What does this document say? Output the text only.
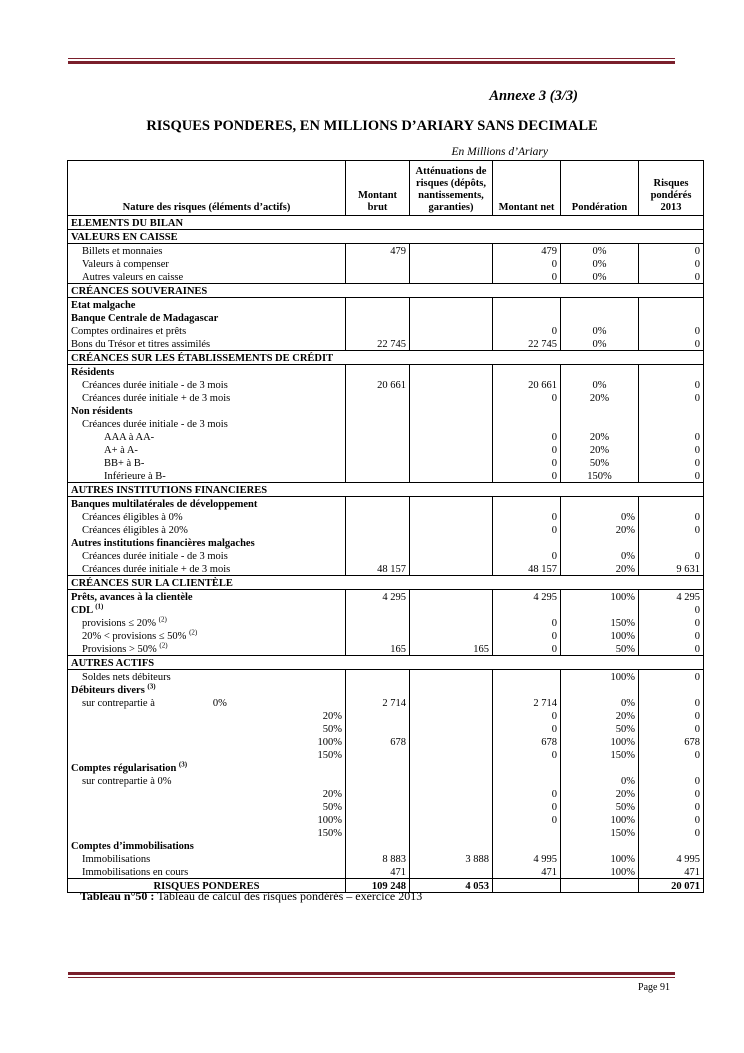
Annexe 3 (3/3)
RISQUES PONDERES, EN MILLIONS D’ARIARY SANS DECIMALE
En Millions d’Ariary
Nature des risques (éléments d’actifs)	Montant brut	Atténuations de risques (dépôts, nantissements, garanties)	Montant net	Pondération	Risques pondérés 2013
ELEMENTS DU BILAN					
VALEURS EN CAISSE					
Billets et monnaies	479		479	0%	0
Valeurs à compenser			0	0%	0
Autres valeurs en caisse			0	0%	0
CRÉANCES SOUVERAINES					
Etat malgache					
Banque Centrale de Madagascar					
Comptes ordinaires et prêts			0	0%	0
Bons du Trésor et titres assimilés	22 745		22 745	0%	0
CRÉANCES SUR LES ÉTABLISSEMENTS DE CRÉDIT					
Résidents					
Créances durée initiale - de 3 mois	20 661		20 661	0%	0
Créances durée initiale + de 3 mois			0	20%	0
Non résidents					
Créances durée initiale - de 3 mois					
AAA à AA-			0	20%	0
A+ à A-			0	20%	0
BB+ à B-			0	50%	0
Inférieure à B-			0	150%	0
AUTRES INSTITUTIONS FINANCIERES					
Banques multilatérales de développement					
Créances éligibles à 0%			0	0%	0
Créances éligibles à 20%			0	20%	0
Autres institutions financières malgaches					
Créances durée initiale - de 3 mois			0	0%	0
Créances durée initiale + de 3 mois	48 157		48 157	20%	9 631
CRÉANCES SUR LA CLIENTÈLE					
Prêts, avances à la clientèle	4 295		4 295	100%	4 295
CDL $^{(1)}$					0
provisions ≤ 20% $^{(2)}$			0	150%	0
20% < provisions ≤ 50% $^{(2)}$			0	100%	0
Provisions > 50% $^{(2)}$	165	165	0	50%	0
AUTRES ACTIFS					
Soldes nets débiteurs				100%	0
Débiteurs divers $^{(3)}$					
sur contrepartie à 0%	2 714		2 714	0%	0
20%			0	20%	0
50%			0	50%	0
100%	678		678	100%	678
150%			0	150%	0
Comptes régularisation $^{(3)}$					
sur contrepartie à 0%				0%	0
20%			0	20%	0
50%			0	50%	0
100%			0	100%	0
150%				150%	0
Comptes d’immobilisations					
Immobilisations	8 883	3 888	4 995	100%	4 995
Immobilisations en cours	471		471	100%	471
RISQUES PONDERES	109 248	4 053			20 071
Tableau n°50 : Tableau de calcul des risques pondérés – exercice 2013
Page 91
